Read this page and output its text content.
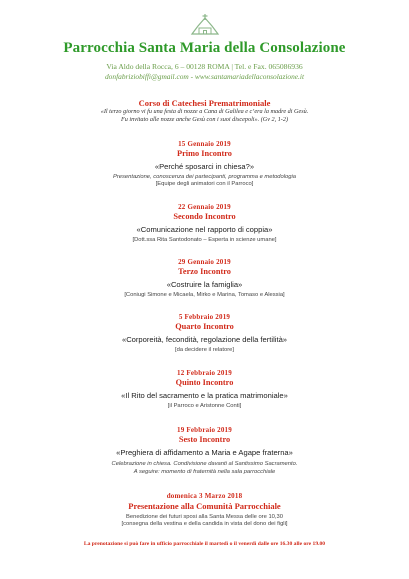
Parrocchia Santa Maria della Consolazione
Via Aldo della Rocca, 6 – 00128 ROMA | Tel. e Fax. 065086936
donfabriziobiffi@gmail.com - www.santamariadellaconsolazione.it
Corso di Catechesi Prematrimoniale
«Il terzo giorno vi fu una festa di nozze a Cana di Galilea e c’era la madre di Gesù.
Fu invitato alle nozze anche Gesù con i suoi discepoli». (Gv 2, 1-2)
15 Gennaio 2019
Primo Incontro
«Perché sposarci in chiesa?»
Presentazione, conoscenza dei partecipanti, programma e metodologia
[Equipe degli animatori con il Parroco]
22 Gennaio 2019
Secondo Incontro
«Comunicazione nel rapporto di coppia»
[Dott.ssa Rita Santodonato – Esperta in scienze umane]
29 Gennaio 2019
Terzo Incontro
«Costruire la famiglia»
[Coniugi Simone e Micaela, Mirko e Marina, Tomaso e Alessia]
5 Febbraio 2019
Quarto Incontro
«Corporeità, fecondità, regolazione della fertilità»
[da decidere il relatore]
12 Febbraio 2019
Quinto Incontro
«Il Rito del sacramento e la pratica matrimoniale»
[il Parroco e Aristonne Conti]
19 Febbraio 2019
Sesto Incontro
«Preghiera di affidamento a Maria e Agape fraterna»
Celebrazione in chiesa. Condivisione davanti al Santissimo Sacramento.
A seguire: momento di fraternità nella sala parrocchiale
domenica 3 Marzo 2018
Presentazione alla Comunità Parrocchiale
Benedizione dei futuri sposi alla Santa Messa delle ore 10,30
[consegna della vestina e della candida in vista del dono dei figli]
La prenotazione si può fare in ufficio parrocchiale il martedì o il venerdì dalle ore 16.30 alle ore 19.00
